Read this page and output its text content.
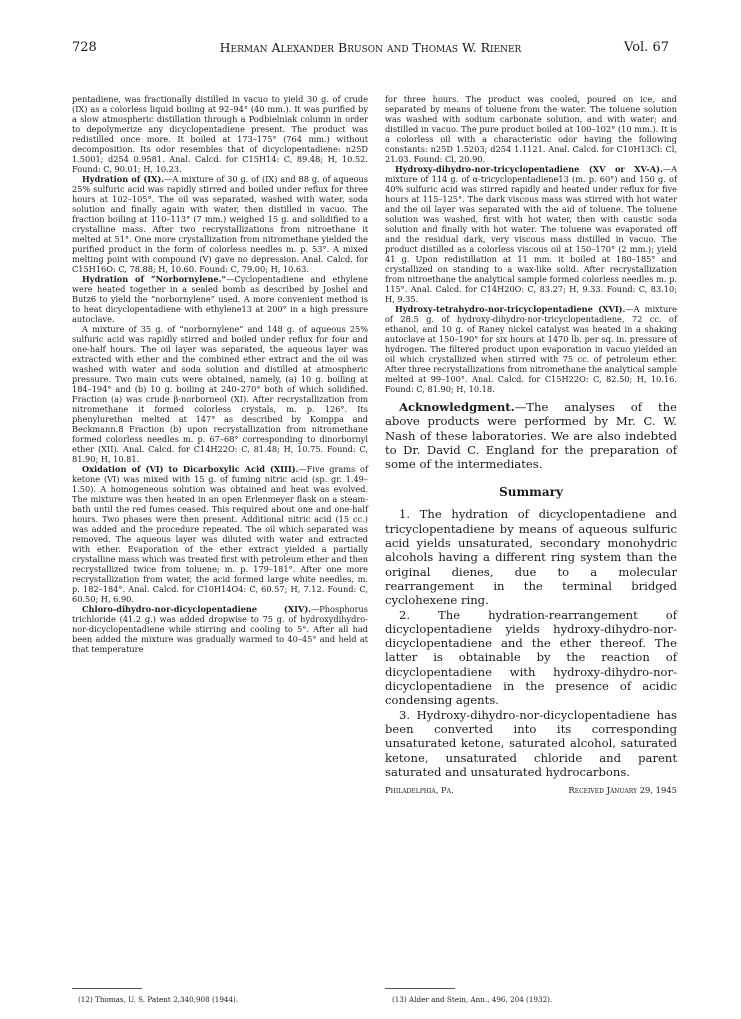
728	Herman Alexander Bruson and Thomas W. Riener	Vol. 67

pentadiene, was fractionally distilled in vacuo to yield 30 g. of crude (IX) as a colorless liquid boiling at 92–94° (40 mm.). It was purified by a slow atmospheric distillation through a Podbielniak column in order to depolymerize any dicyclopentadiene present. The product was redistilled once more. It boiled at 173–175° (764 mm.) without decomposition. Its odor resembles that of dicyclopentadiene: n25D 1.5001; d254 0.9581. Anal. Calcd. for C15H14: C, 89.48; H, 10.52. Found: C, 90.01; H, 10.23.

Hydration of (IX).—A mixture of 30 g. of (IX) and 88 g. of aqueous 25% sulfuric acid was rapidly stirred and boiled under reflux for three hours at 102–105°. The oil was separated, washed with water, soda solution and finally again with water, then distilled in vacuo. The fraction boiling at 110–113° (7 mm.) weighed 15 g. and solidified to a crystalline mass. After two recrystallizations from nitroethane it melted at 51°. One more crystallization from nitromethane yielded the purified product in the form of colorless needles m. p. 53°. A mixed melting point with compound (V) gave no depression. Anal. Calcd. for C15H16O: C, 78.88; H, 10.60. Found: C, 79.00; H, 10.63.

Hydration of “Norbornylene.”—Cyclopentadiene and ethylene were heated together in a sealed bomb as described by Joshel and Butz6 to yield the “norbornylene” used. A more convenient method is to heat dicyclopentadiene with ethylene13 at 200° in a high pressure autoclave.

A mixture of 35 g. of “norbornylene” and 148 g. of aqueous 25% sulfuric acid was rapidly stirred and boiled under reflux for four and one-half hours. The oil layer was separated, the aqueous layer was extracted with ether and the combined ether extract and the oil was washed with water and soda solution and distilled at atmospheric pressure. Two main cuts were obtained, namely, (a) 10 g. boiling at 184–194° and (b) 10 g. boiling at 240–270° both of which solidified. Fraction (a) was crude β-norborneol (XI). After recrystallization from nitromethane it formed colorless crystals, m. p. 126°. Its phenylurethan melted at 147° as described by Komppa and Beckmann.8 Fraction (b) upon recrystallization from nitromethane formed colorless needles m. p. 67–68° corresponding to dinorbornyl ether (XII). Anal. Calcd. for C14H22O: C, 81.48; H, 10.75. Found: C, 81.90; H, 10.81.

Oxidation of (VI) to Dicarboxylic Acid (XIII).—Five grams of ketone (VI) was mixed with 15 g. of fuming nitric acid (sp. gr. 1.49–1.50). A homogeneous solution was obtained and heat was evolved. The mixture was then heated in an open Erlenmeyer flask on a steam-bath until the red fumes ceased. This required about one and one-half hours. Two phases were then present. Additional nitric acid (15 cc.) was added and the procedure repeated. The oil which separated was removed. The aqueous layer was diluted with water and extracted with ether. Evaporation of the ether extract yielded a partially crystalline mass which was treated first with petroleum ether and then recrystallized twice from toluene; m. p. 179–181°. After one more recrystallization from water, the acid formed large white needles, m. p. 182–184°. Anal. Calcd. for C10H14O4: C, 60.57; H, 7.12. Found: C, 60.50; H, 6.90.

Chloro-dihydro-nor-dicyclopentadiene (XIV).—Phosphorus trichloride (41.2 g.) was added dropwise to 75 g. of hydroxydihydro-nor-dicyclopentadiene while stirring and cooling to 5°. After all had been added the mixture was gradually warmed to 40–45° and held at that temperature

for three hours. The product was cooled, poured on ice, and separated by means of toluene from the water. The toluene solution was washed with sodium carbonate solution, and with water; and distilled in vacuo. The pure product boiled at 100–102° (10 mm.). It is a colorless oil with a characteristic odor having the following constants: n25D 1.5203; d254 1.1121. Anal. Calcd. for C10H13Cl: Cl, 21.03. Found: Cl, 20.90.

Hydroxy-dihydro-nor-tricyclopentadiene (XV or XV-A).—A mixture of 114 g. of α-tricyclopentadiene13 (m. p. 60°) and 150 g. of 40% sulfuric acid was stirred rapidly and heated under reflux for five hours at 115–125°. The dark viscous mass was stirred with hot water and the oil layer was separated with the aid of toluene. The toluene solution was washed, first with hot water, then with caustic soda solution and finally with hot water. The toluene was evaporated off and the residual dark, very viscous mass distilled in vacuo. The product distilled as a colorless viscous oil at 150–170° (2 mm.); yield 41 g. Upon redistillation at 11 mm. it boiled at 180–185° and crystallized on standing to a wax-like solid. After recrystallization from nitroethane the analytical sample formed colorless needles m. p. 115°. Anal. Calcd. for C14H20O: C, 83.27; H, 9.33. Found: C, 83.10; H, 9.35.

Hydroxy-tetrahydro-nor-tricyclopentadiene (XVI).—A mixture of 28.5 g. of hydroxy-dihydro-nor-tricyclopentadiene, 72 cc. of ethanol, and 10 g. of Raney nickel catalyst was heated in a shaking autoclave at 150–190° for six hours at 1470 lb. per sq. in. pressure of hydrogen. The filtered product upon evaporation in vacuo yielded an oil which crystallized when stirred with 75 cc. of petroleum ether. After three recrystallizations from nitromethane the analytical sample melted at 99–100°. Anal. Calcd. for C15H22O: C, 82.50; H, 10.16. Found: C, 81.90; H, 10.18.

Acknowledgment.—The analyses of the above products were performed by Mr. C. W. Nash of these laboratories. We are also indebted to Dr. David C. England for the preparation of some of the intermediates.

Summary

1. The hydration of dicyclopentadiene and tricyclopentadiene by means of aqueous sulfuric acid yields unsaturated, secondary monohydric alcohols having a different ring system than the original dienes, due to a molecular rearrangement in the terminal bridged cyclohexene ring.

2. The hydration-rearrangement of dicyclopentadiene yields hydroxy-dihydro-nor-dicyclopentadiene and the ether thereof. The latter is obtainable by the reaction of dicyclopentadiene with hydroxy-dihydro-nor-dicyclopentadiene in the presence of acidic condensing agents.

3. Hydroxy-dihydro-nor-dicyclopentadiene has been converted into its corresponding unsaturated ketone, saturated alcohol, saturated ketone, unsaturated chloride and parent saturated and unsaturated hydrocarbons.

Philadelphia, Pa.	Received January 29, 1945
(12) Thomas, U. S. Patent 2,340,908 (1944).	(13) Alder and Stein, Ann., 496, 204 (1932).
